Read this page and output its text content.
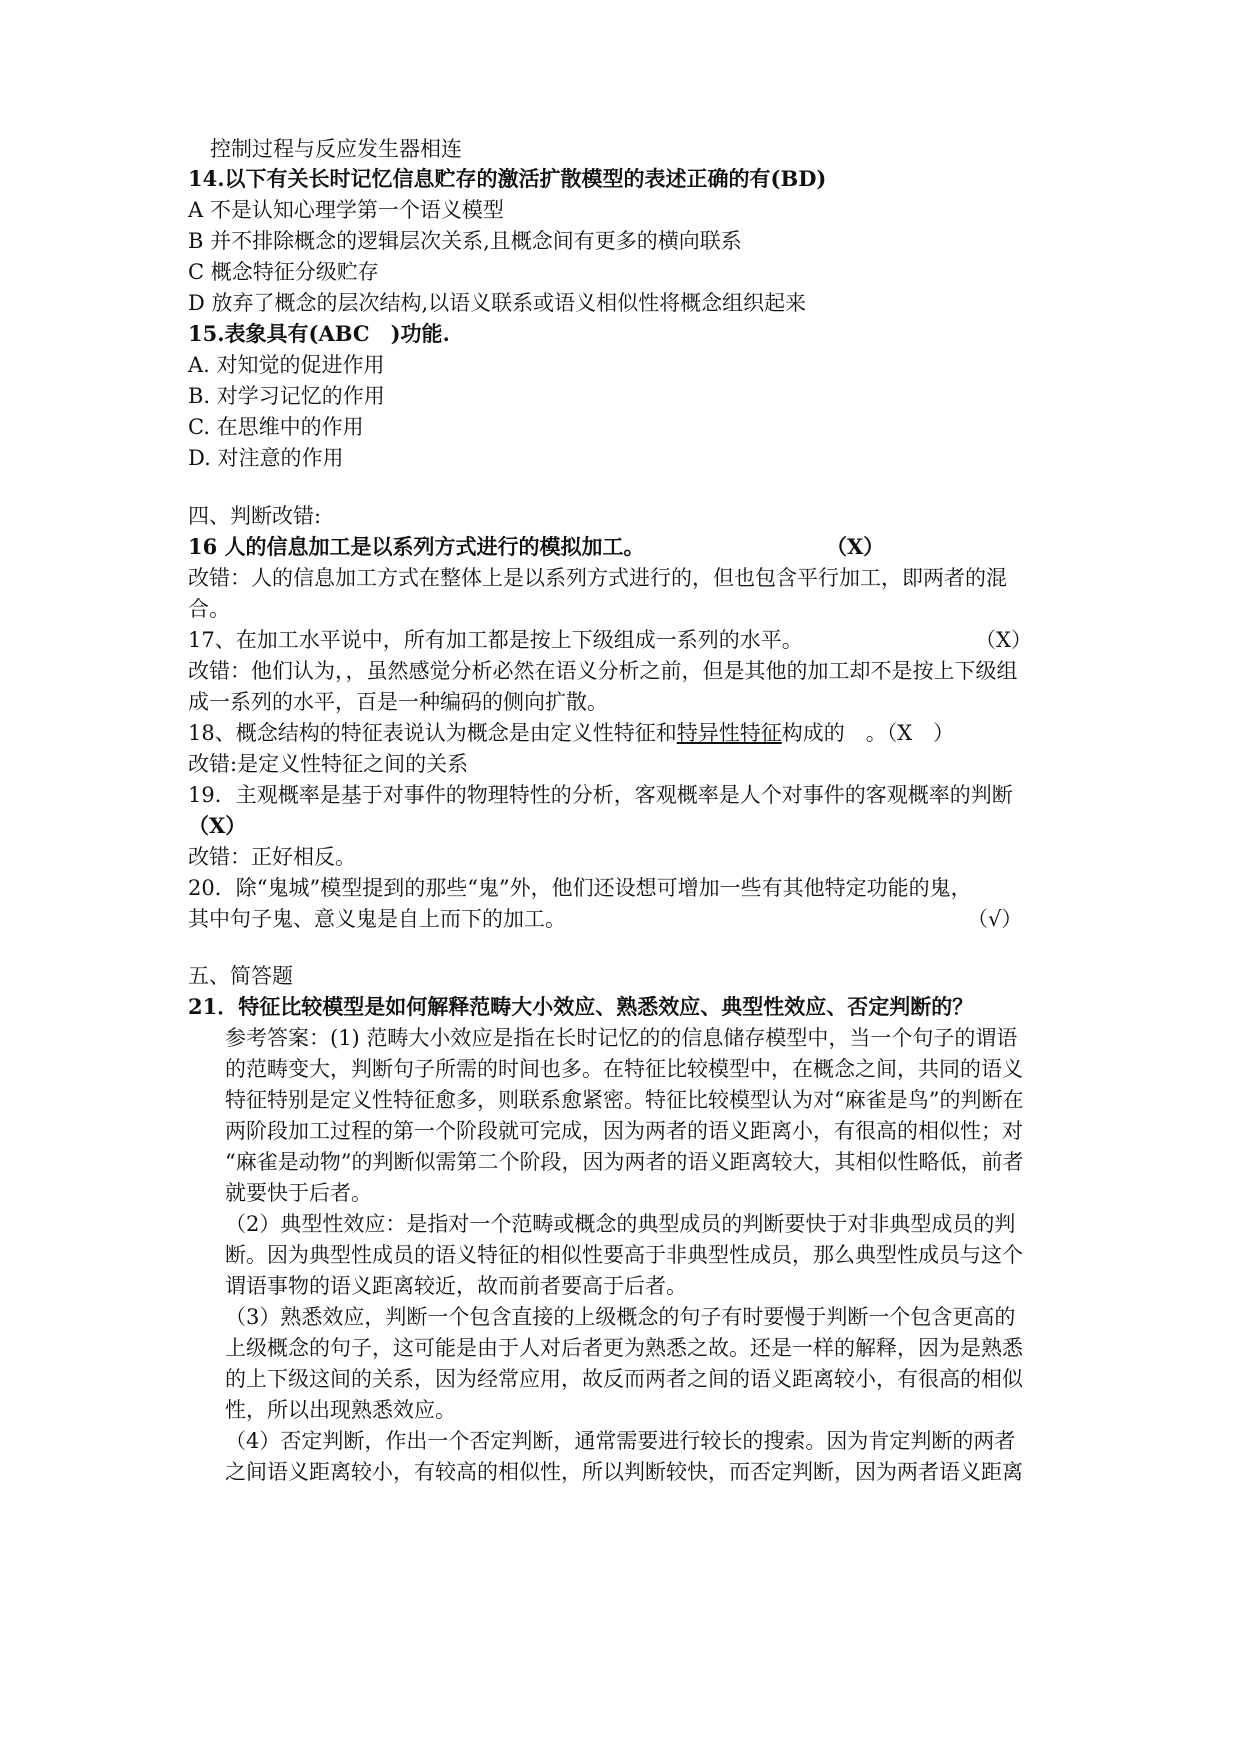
控制过程与反应发生器相连
14.以下有关长时记忆信息贮存的激活扩散模型的表述正确的有(BD)
A 不是认知心理学第一个语义模型
B 并不排除概念的逻辑层次关系,且概念间有更多的横向联系
C 概念特征分级贮存
D 放弃了概念的层次结构,以语义联系或语义相似性将概念组织起来
15.表象具有(ABC　)功能.
A. 对知觉的促进作用
B. 对学习记忆的作用
C. 在思维中的作用
D. 对注意的作用
四、判断改错:
16 人的信息加工是以系列方式进行的模拟加工。	（X）
改错：人的信息加工方式在整体上是以系列方式进行的，但也包含平行加工，即两者的混
合。
17、在加工水平说中，所有加工都是按上下级组成一系列的水平。	（X）
改错：他们认为，，虽然感觉分析必然在语义分析之前，但是其他的加工却不是按上下级组
成一系列的水平，百是一种编码的侧向扩散。
18、概念结构的特征表说认为概念是由定义性特征和特异性特征构成的　。（X　）
改错:是定义性特征之间的关系
19．主观概率是基于对事件的物理特性的分析，客观概率是人个对事件的客观概率的判断
（X）
改错：正好相反。
20．除“鬼城”模型提到的那些“鬼”外，他们还设想可增加一些有其他特定功能的鬼，
其中句子鬼、意义鬼是自上而下的加工。	（√）
五、简答题
21．特征比较模型是如何解释范畴大小效应、熟悉效应、典型性效应、否定判断的？
参考答案：(1) 范畴大小效应是指在长时记忆的的信息储存模型中，当一个句子的谓语
的范畴变大，判断句子所需的时间也多。在特征比较模型中，在概念之间，共同的语义
特征特别是定义性特征愈多，则联系愈紧密。特征比较模型认为对“麻雀是鸟”的判断在
两阶段加工过程的第一个阶段就可完成，因为两者的语义距离小，有很高的相似性；对
“麻雀是动物”的判断似需第二个阶段，因为两者的语义距离较大，其相似性略低，前者
就要快于后者。
（2）典型性效应：是指对一个范畴或概念的典型成员的判断要快于对非典型成员的判
断。因为典型性成员的语义特征的相似性要高于非典型性成员，那么典型性成员与这个
谓语事物的语义距离较近，故而前者要高于后者。
（3）熟悉效应，判断一个包含直接的上级概念的句子有时要慢于判断一个包含更高的
上级概念的句子，这可能是由于人对后者更为熟悉之故。还是一样的解释，因为是熟悉
的上下级这间的关系，因为经常应用，故反而两者之间的语义距离较小，有很高的相似
性，所以出现熟悉效应。
（4）否定判断，作出一个否定判断，通常需要进行较长的搜索。因为肯定判断的两者
之间语义距离较小，有较高的相似性，所以判断较快，而否定判断，因为两者语义距离
